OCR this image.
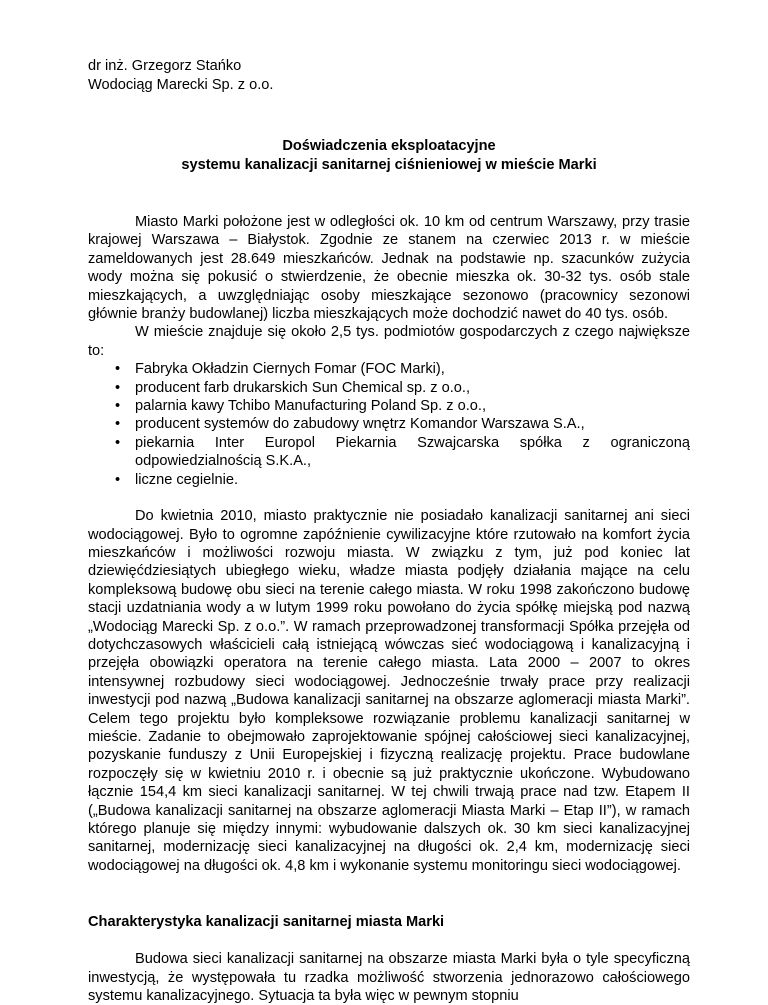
dr inż. Grzegorz Stańko

Wodociąg Marecki Sp. z o.o.

Doświadczenia eksploatacyjne
systemu kanalizacji sanitarnej ciśnieniowej w mieście Marki

Miasto Marki położone jest w odległości ok. 10 km od centrum Warszawy, przy trasie krajowej Warszawa – Białystok. Zgodnie ze stanem na czerwiec 2013 r. w mieście zameldowanych jest 28.649 mieszkańców. Jednak na podstawie np. szacunków zużycia wody można się pokusić o stwierdzenie, że obecnie mieszka ok. 30-32 tys. osób stale mieszkających, a uwzględniając osoby mieszkające sezonowo (pracownicy sezonowi głównie branży budowlanej) liczba mieszkających może dochodzić nawet do 40 tys. osób.

W mieście znajduje się około 2,5 tys. podmiotów gospodarczych z czego największe to:

• Fabryka Okładzin Ciernych Fomar (FOC Marki),
• producent farb drukarskich Sun Chemical sp. z o.o.,
• palarnia kawy Tchibo Manufacturing Poland Sp. z o.o.,
• producent systemów do zabudowy wnętrz Komandor Warszawa S.A.,
• piekarnia Inter Europol Piekarnia Szwajcarska spółka z ograniczoną odpowiedzialnością S.K.A.,
• liczne cegielnie.

Do kwietnia 2010, miasto praktycznie nie posiadało kanalizacji sanitarnej ani sieci wodociągowej. Było to ogromne zapóźnienie cywilizacyjne które rzutowało na komfort życia mieszkańców i możliwości rozwoju miasta. W związku z tym, już pod koniec lat dziewięćdziesiątych ubiegłego wieku, władze miasta podjęły działania mające na celu kompleksową budowę obu sieci na terenie całego miasta. W roku 1998 zakończono budowę stacji uzdatniania wody a w lutym 1999 roku powołano do życia spółkę miejską pod nazwą „Wodociąg Marecki Sp. z o.o.”. W ramach przeprowadzonej transformacji Spółka przejęła od dotychczasowych właścicieli całą istniejącą wówczas sieć wodociągową i kanalizacyjną i przejęła obowiązki operatora na terenie całego miasta. Lata 2000 – 2007 to okres intensywnej rozbudowy sieci wodociągowej. Jednocześnie trwały prace przy realizacji inwestycji pod nazwą „Budowa kanalizacji sanitarnej na obszarze aglomeracji miasta Marki”. Celem tego projektu było kompleksowe rozwiązanie problemu kanalizacji sanitarnej w mieście. Zadanie to obejmowało zaprojektowanie spójnej całościowej sieci kanalizacyjnej, pozyskanie funduszy z Unii Europejskiej i fizyczną realizację projektu. Prace budowlane rozpoczęły się w kwietniu 2010 r. i obecnie są już praktycznie ukończone. Wybudowano łącznie 154,4 km sieci kanalizacji sanitarnej. W tej chwili trwają prace nad tzw. Etapem II („Budowa kanalizacji sanitarnej na obszarze aglomeracji Miasta Marki – Etap II”), w ramach którego planuje się między innymi: wybudowanie dalszych ok. 30 km sieci kanalizacyjnej sanitarnej, modernizację sieci kanalizacyjnej na długości ok. 2,4 km, modernizację sieci wodociągowej na długości ok. 4,8 km i wykonanie systemu monitoringu sieci wodociągowej.

Charakterystyka kanalizacji sanitarnej miasta Marki

Budowa sieci kanalizacji sanitarnej na obszarze miasta Marki była o tyle specyficzną inwestycją, że występowała tu rzadka możliwość stworzenia jednorazowo całościowego systemu kanalizacyjnego. Sytuacja ta była więc w pewnym stopniu
